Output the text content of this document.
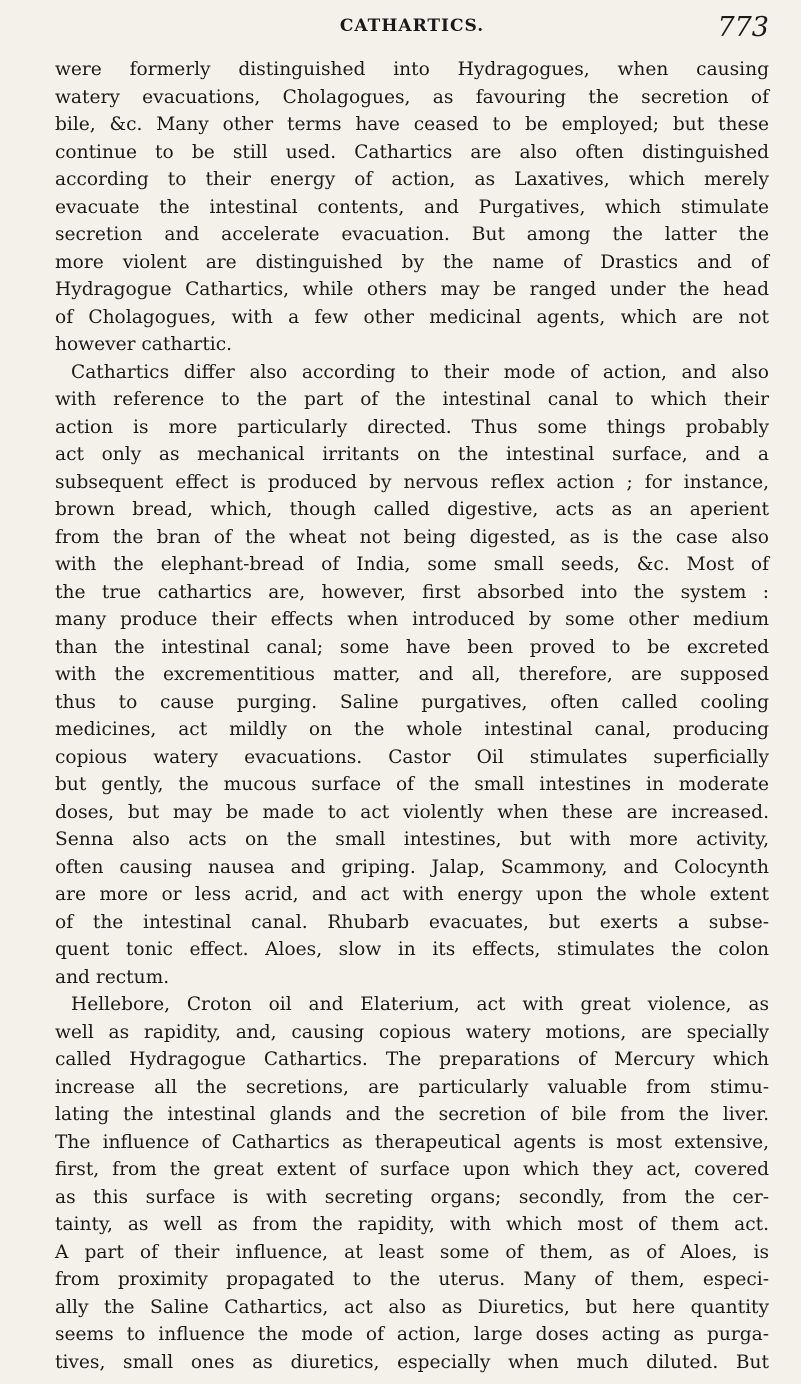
CATHARTICS.	773
were formerly distinguished into Hydragogues, when causing
watery evacuations, Cholagogues, as favouring the secretion of
bile, &c. Many other terms have ceased to be employed; but these
continue to be still used. Cathartics are also often distinguished
according to their energy of action, as Laxatives, which merely
evacuate the intestinal contents, and Purgatives, which stimulate
secretion and accelerate evacuation. But among the latter the
more violent are distinguished by the name of Drastics and of
Hydragogue Cathartics, while others may be ranged under the head
of Cholagogues, with a few other medicinal agents, which are not
however cathartic.
Cathartics differ also according to their mode of action, and also
with reference to the part of the intestinal canal to which their
action is more particularly directed. Thus some things probably
act only as mechanical irritants on the intestinal surface, and a
subsequent effect is produced by nervous reflex action ; for instance,
brown bread, which, though called digestive, acts as an aperient
from the bran of the wheat not being digested, as is the case also
with the elephant-bread of India, some small seeds, &c. Most of
the true cathartics are, however, first absorbed into the system :
many produce their effects when introduced by some other medium
than the intestinal canal; some have been proved to be excreted
with the excrementitious matter, and all, therefore, are supposed
thus to cause purging. Saline purgatives, often called cooling
medicines, act mildly on the whole intestinal canal, producing
copious watery evacuations. Castor Oil stimulates superficially
but gently, the mucous surface of the small intestines in moderate
doses, but may be made to act violently when these are increased.
Senna also acts on the small intestines, but with more activity,
often causing nausea and griping. Jalap, Scammony, and Colocynth
are more or less acrid, and act with energy upon the whole extent
of the intestinal canal. Rhubarb evacuates, but exerts a subse-
quent tonic effect. Aloes, slow in its effects, stimulates the colon
and rectum.
Hellebore, Croton oil and Elaterium, act with great violence, as
well as rapidity, and, causing copious watery motions, are specially
called Hydragogue Cathartics. The preparations of Mercury which
increase all the secretions, are particularly valuable from stimu-
lating the intestinal glands and the secretion of bile from the liver.
The influence of Cathartics as therapeutical agents is most extensive,
first, from the great extent of surface upon which they act, covered
as this surface is with secreting organs; secondly, from the cer-
tainty, as well as from the rapidity, with which most of them act.
A part of their influence, at least some of them, as of Aloes, is
from proximity propagated to the uterus. Many of them, especi-
ally the Saline Cathartics, act also as Diuretics, but here quantity
seems to influence the mode of action, large doses acting as purga-
tives, small ones as diuretics, especially when much diluted. But
